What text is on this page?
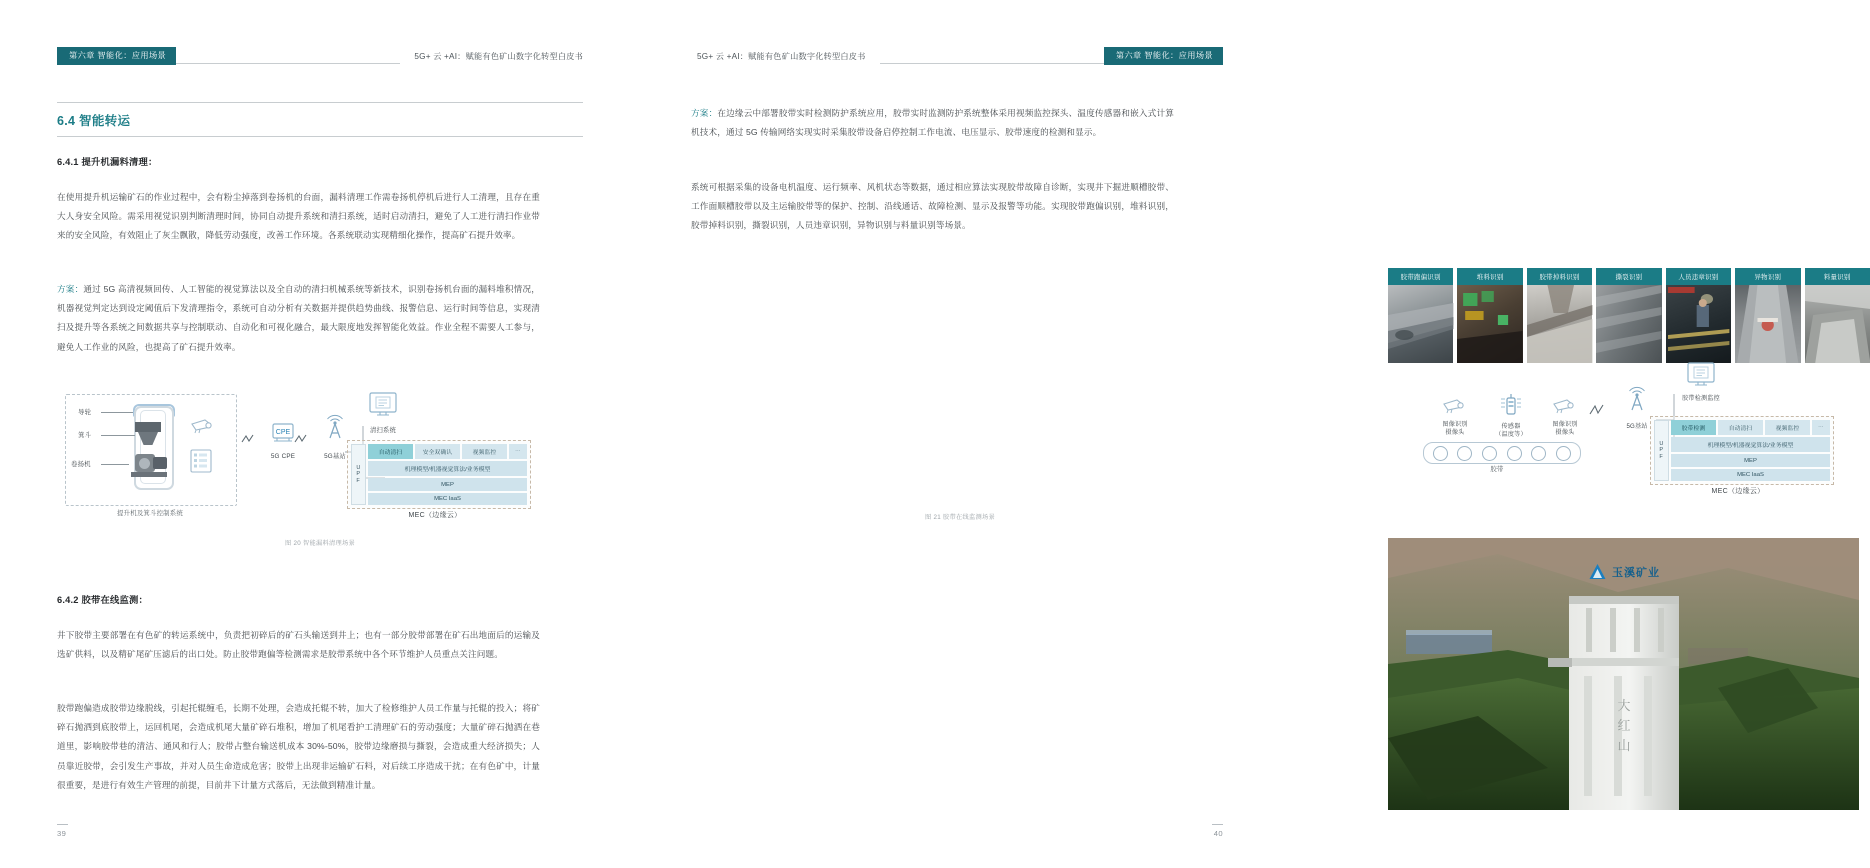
第六章 智能化：应用场景	5G+ 云 +AI：赋能有色矿山数字化转型白皮书
6.4 智能转运
6.4.1 提升机漏料清理：

在使用提升机运输矿石的作业过程中，会有粉尘掉落到卷扬机的台面，漏料清理工作需卷扬机停机后进行人工清理，且存在重大人身安全风险。需采用视觉识别判断清理时间，协同自动提升系统和清扫系统，适时启动清扫，避免了人工进行清扫作业带来的安全风险，有效阻止了灰尘飘散，降低劳动强度，改善工作环境。各系统联动实现精细化操作，提高矿石提升效率。

方案：通过 5G 高清视频回传、人工智能的视觉算法以及全自动的清扫机械系统等新技术，识别卷扬机台面的漏料堆积情况，机器视觉判定达到设定阈值后下发清理指令，系统可自动分析有关数据并提供趋势曲线、报警信息、运行时间等信息，实现清扫及提升等各系统之间数据共享与控制联动、自动化和可视化融合，最大限度地发挥智能化效益。作业全程不需要人工参与，避免人工作业的风险，也提高了矿石提升效率。

导轮
箕斗
卷扬机
提升机及箕斗控制系统
CPE
5G CPE	5G基站
清扫系统
U
P
F
自动清扫	安全双确认	视频监控	…
机理模型/机器视觉算法/业务模型
MEP
MEC IaaS
MEC（边缘云）
图 20 智能漏料清理场景
6.4.2 胶带在线监测：

井下胶带主要部署在有色矿的转运系统中，负责把初碎后的矿石头输送到井上；也有一部分胶带部署在矿石出地面后的运输及选矿供料，以及精矿尾矿压滤后的出口处。防止胶带跑偏等检测需求是胶带系统中各个环节维护人员重点关注问题。

胶带跑偏造成胶带边缘脱线，引起托辊缠毛，长期不处理，会造成托辊不转，加大了检修维护人员工作量与托辊的投入；将矿碎石抛洒到底胶带上，运回机尾，会造成机尾大量矿碎石堆积，增加了机尾看护工清理矿石的劳动强度；大量矿碎石抛洒在巷道里，影响胶带巷的清洁、通风和行人；胶带占整台输送机成本 30%-50%，胶带边缘磨损与撕裂，会造成重大经济损失；人员靠近胶带，会引发生产事故，并对人员生命造成危害；胶带上出现非运输矿石料，对后续工序造成干扰；在有色矿中，计量很重要，是进行有效生产管理的前提，目前井下计量方式落后，无法做到精准计量。

39
5G+ 云 +AI：赋能有色矿山数字化转型白皮书	第六章 智能化：应用场景

方案：在边缘云中部署胶带实时检测防护系统应用，胶带实时监测防护系统整体采用视频监控探头、温度传感器和嵌入式计算机技术，通过 5G 传输网络实现实时采集胶带设备启停控制工作电流、电压显示、胶带速度的检测和显示。

系统可根据采集的设备电机温度、运行频率、风机状态等数据，通过相应算法实现胶带故障自诊断，实现井下掘进顺槽胶带、工作面顺槽胶带以及主运输胶带等的保护、控制、沿线通话、故障检测、显示及报警等功能。实现胶带跑偏识别，堆料识别，胶带掉料识别，撕裂识别，人员违章识别，异物识别与料量识别等场景。

胶带跑偏识别	堆料识别	胶带掉料识别	撕裂识别	人员违章识别	异物识别	料量识别
胶带
图像识别
摄像头
传感器
（温度等）
图像识别
摄像头
5G基站
胶带检测监控
U
P
F
胶带检测	自动清扫	视频监控	…
机理模型/机器视觉算法/业务模型
MEP
MEC IaaS
MEC（边缘云）
图 21 胶带在线监测场景
大
红
山
玉溪矿业
40
